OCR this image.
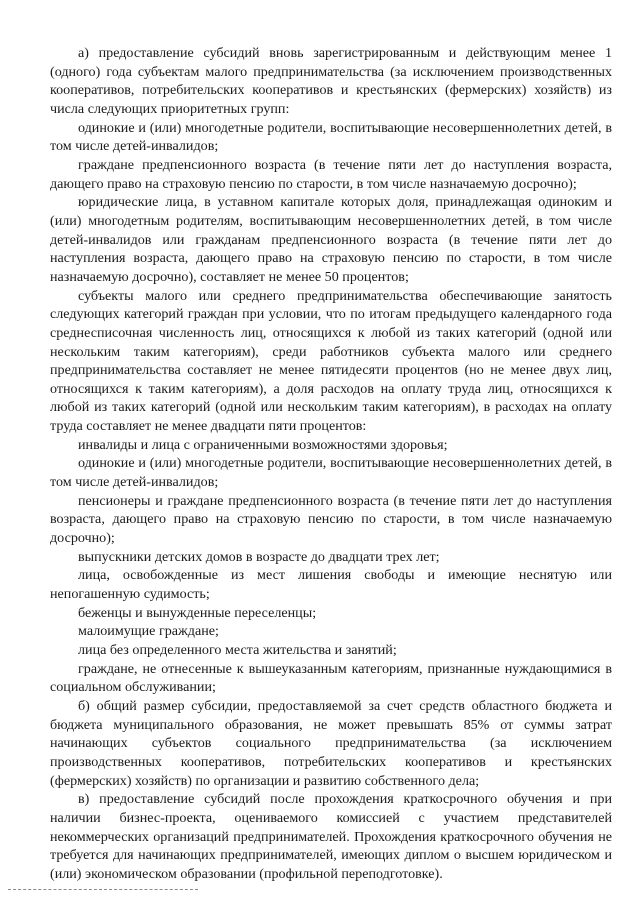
а) предоставление субсидий вновь зарегистрированным и действующим менее 1 (одного) года субъектам малого предпринимательства (за исключением производственных кооперативов, потребительских кооперативов и крестьянских (фермерских) хозяйств) из числа следующих приоритетных групп:

одинокие и (или) многодетные родители, воспитывающие несовершеннолетних детей, в том числе детей-инвалидов;

граждане предпенсионного возраста (в течение пяти лет до наступления возраста, дающего право на страховую пенсию по старости, в том числе назначаемую досрочно);

юридические лица, в уставном капитале которых доля, принадлежащая одиноким и (или) многодетным родителям, воспитывающим несовершеннолетних детей, в том числе детей-инвалидов или гражданам предпенсионного возраста (в течение пяти лет до наступления возраста, дающего право на страховую пенсию по старости, в том числе назначаемую досрочно), составляет не менее 50 процентов;

субъекты малого или среднего предпринимательства обеспечивающие занятость следующих категорий граждан при условии, что по итогам предыдущего календарного года среднесписочная численность лиц, относящихся к любой из таких категорий (одной или нескольким таким категориям), среди работников субъекта малого или среднего предпринимательства составляет не менее пятидесяти процентов (но не менее двух лиц, относящихся к таким категориям), а доля расходов на оплату труда лиц, относящихся к любой из таких категорий (одной или нескольким таким категориям), в расходах на оплату труда составляет не менее двадцати пяти процентов:

инвалиды и лица с ограниченными возможностями здоровья;

одинокие и (или) многодетные родители, воспитывающие несовершеннолетних детей, в том числе детей-инвалидов;

пенсионеры и граждане предпенсионного возраста (в течение пяти лет до наступления возраста, дающего право на страховую пенсию по старости, в том числе назначаемую досрочно);

выпускники детских домов в возрасте до двадцати трех лет;

лица, освобожденные из мест лишения свободы и имеющие неснятую или непогашенную судимость;

беженцы и вынужденные переселенцы;

малоимущие граждане;

лица без определенного места жительства и занятий;

граждане, не отнесенные к вышеуказанным категориям, признанные нуждающимися в социальном обслуживании;

б) общий размер субсидии, предоставляемой за счет средств областного бюджета и бюджета муниципального образования, не может превышать 85% от суммы затрат начинающих субъектов социального предпринимательства (за исключением производственных кооперативов, потребительских кооперативов и крестьянских (фермерских) хозяйств) по организации и развитию собственного дела;

в) предоставление субсидий после прохождения краткосрочного обучения и при наличии бизнес-проекта, оцениваемого комиссией с участием представителей некоммерческих организаций предпринимателей. Прохождения краткосрочного обучения не требуется для начинающих предпринимателей, имеющих диплом о высшем юридическом и (или) экономическом образовании (профильной переподготовке).
